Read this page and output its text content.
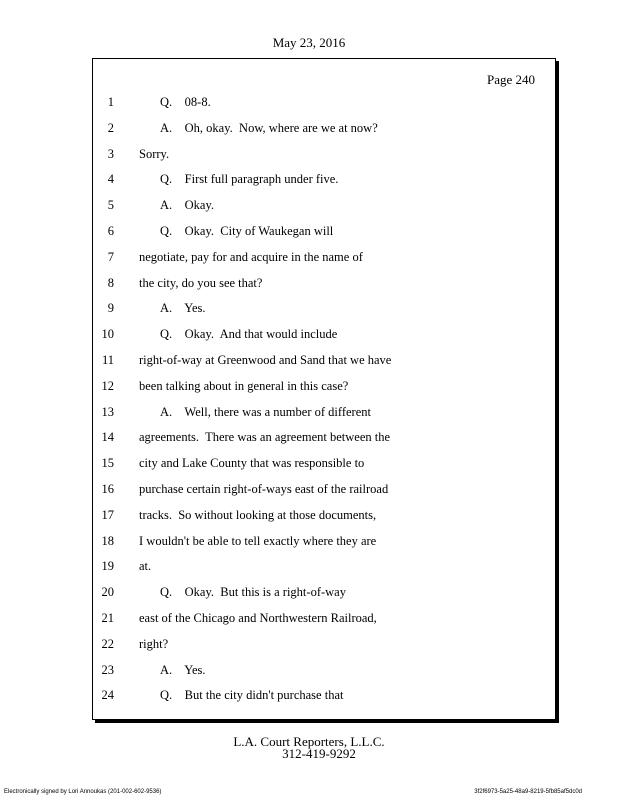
May 23, 2016
Page 240
1	Q.    08-8.
2	A.    Oh, okay.  Now, where are we at now?
3 Sorry.
4	Q.    First full paragraph under five.
5	A.    Okay.
6	Q.    Okay.  City of Waukegan will
7 negotiate, pay for and acquire in the name of
8 the city, do you see that?
9	A.    Yes.
10	Q.    Okay.  And that would include
11 right-of-way at Greenwood and Sand that we have
12 been talking about in general in this case?
13	A.    Well, there was a number of different
14 agreements.  There was an agreement between the
15 city and Lake County that was responsible to
16 purchase certain right-of-ways east of the railroad
17 tracks.  So without looking at those documents,
18 I wouldn't be able to tell exactly where they are
19 at.
20	Q.    Okay.  But this is a right-of-way
21 east of the Chicago and Northwestern Railroad,
22 right?
23	A.    Yes.
24	Q.    But the city didn't purchase that
L.A. Court Reporters, L.L.C.
312-419-9292
Electronically signed by Lori Annoukas (201-002-602-9536)	3f2f6973-5a25-48a9-8219-5fb85af5dc0d
